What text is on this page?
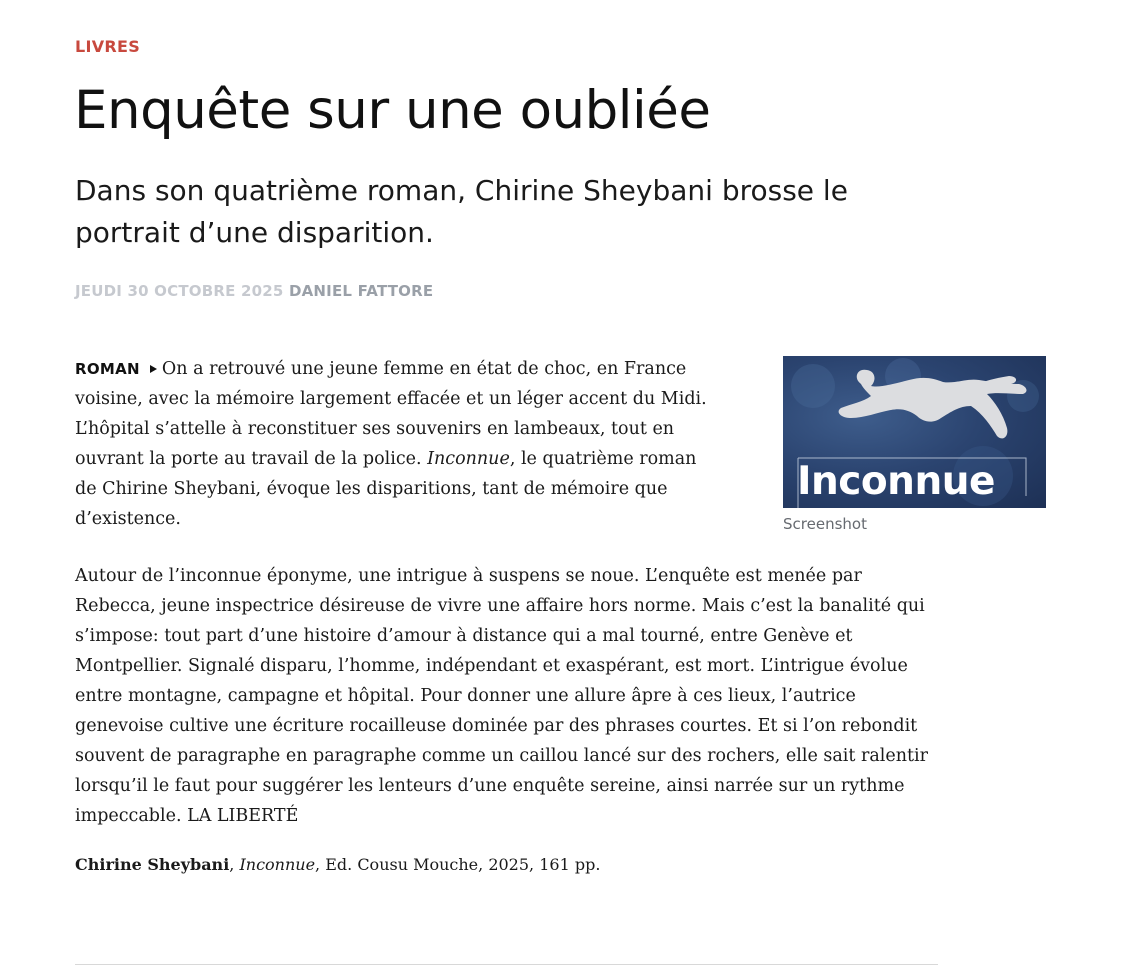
LIVRES
Enquête sur une oubliée

Dans son quatrième roman, Chirine Sheybani brosse le portrait d’une disparition.

JEUDI 30 OCTOBRE 2025 DANIEL FATTORE
ROMAN On a retrouvé une jeune femme en état de choc, en France voisine, avec la mémoire largement effacée et un léger accent du Midi. L’hôpital s’attelle à reconstituer ses souvenirs en lambeaux, tout en ouvrant la porte au travail de la police. Inconnue, le quatrième roman de Chirine Sheybani, évoque les disparitions, tant de mémoire que d’existence.
Inconnue
Screenshot
Autour de l’inconnue éponyme, une intrigue à suspens se noue. L’enquête est menée par Rebecca, jeune inspectrice désireuse de vivre une affaire hors norme. Mais c’est la banalité qui s’impose: tout part d’une histoire d’amour à distance qui a mal tourné, entre Genève et Montpellier. Signalé disparu, l’homme, indépendant et exaspérant, est mort. L’intrigue évolue entre montagne, campagne et hôpital. Pour donner une allure âpre à ces lieux, l’autrice genevoise cultive une écriture rocailleuse dominée par des phrases courtes. Et si l’on rebondit souvent de paragraphe en paragraphe comme un caillou lancé sur des rochers, elle sait ralentir lorsqu’il le faut pour suggérer les lenteurs d’une enquête sereine, ainsi narrée sur un rythme impeccable. LA LIBERTÉ
Chirine Sheybani, Inconnue, Ed. Cousu Mouche, 2025, 161 pp.
